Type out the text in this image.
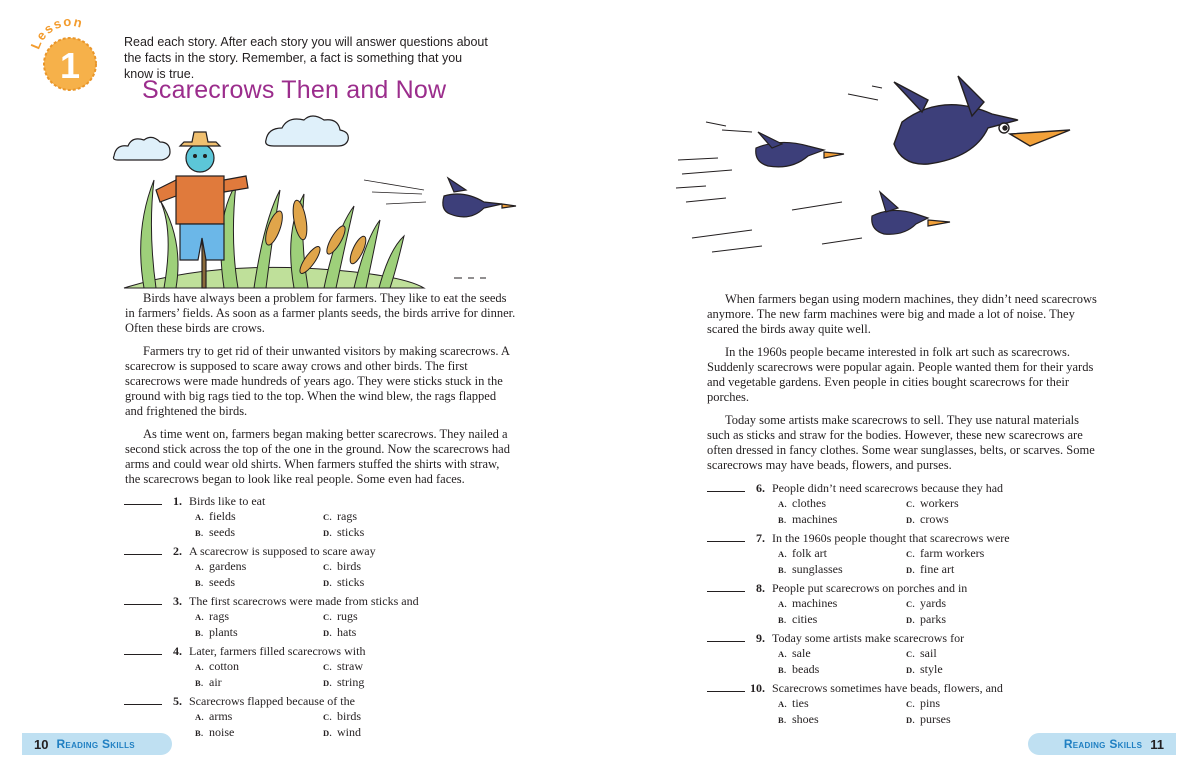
Lesson
1
Read each story. After each story you will answer questions about the facts in the story. Remember, a fact is something that you know is true.
Scarecrows Then and Now

Birds have always been a problem for farmers. They like to eat the seeds in farmers’ fields. As soon as a farmer plants seeds, the birds arrive for dinner. Often these birds are crows.

Farmers try to get rid of their unwanted visitors by making scarecrows. A scarecrow is supposed to scare away crows and other birds. The first scarecrows were made hundreds of years ago. They were sticks stuck in the ground with big rags tied to the top. When the wind blew, the rags flapped and frightened the birds.

As time went on, farmers began making better scarecrows. They nailed a second stick across the top of the one in the ground. Now the scarecrows had arms and could wear old shirts. When farmers stuffed the shirts with straw, the scarecrows began to look like real people. Some even had faces.

1. Birds like to eat
A. fields	C. rags
B. seeds	D. sticks
2. A scarecrow is supposed to scare away
A. gardens	C. birds
B. seeds	D. sticks
3. The first scarecrows were made from sticks and
A. rags	C. rugs
B. plants	D. hats
4. Later, farmers filled scarecrows with
A. cotton	C. straw
B. air	D. string
5. Scarecrows flapped because of the
A. arms	C. birds
B. noise	D. wind
10 Reading Skills

When farmers began using modern machines, they didn’t need scarecrows anymore. The new farm machines were big and made a lot of noise. They scared the birds away quite well.

In the 1960s people became interested in folk art such as scarecrows. Suddenly scarecrows were popular again. People wanted them for their yards and vegetable gardens. Even people in cities bought scarecrows for their porches.

Today some artists make scarecrows to sell. They use natural materials such as sticks and straw for the bodies. However, these new scarecrows are often dressed in fancy clothes. Some wear sunglasses, belts, or scarves. Some scarecrows may have beads, flowers, and purses.

6. People didn’t need scarecrows because they had
A. clothes	C. workers
B. machines	D. crows
7. In the 1960s people thought that scarecrows were
A. folk art	C. farm workers
B. sunglasses	D. fine art
8. People put scarecrows on porches and in
A. machines	C. yards
B. cities	D. parks
9. Today some artists make scarecrows for
A. sale	C. sail
B. beads	D. style
10. Scarecrows sometimes have beads, flowers, and
A. ties	C. pins
B. shoes	D. purses
Reading Skills 11
